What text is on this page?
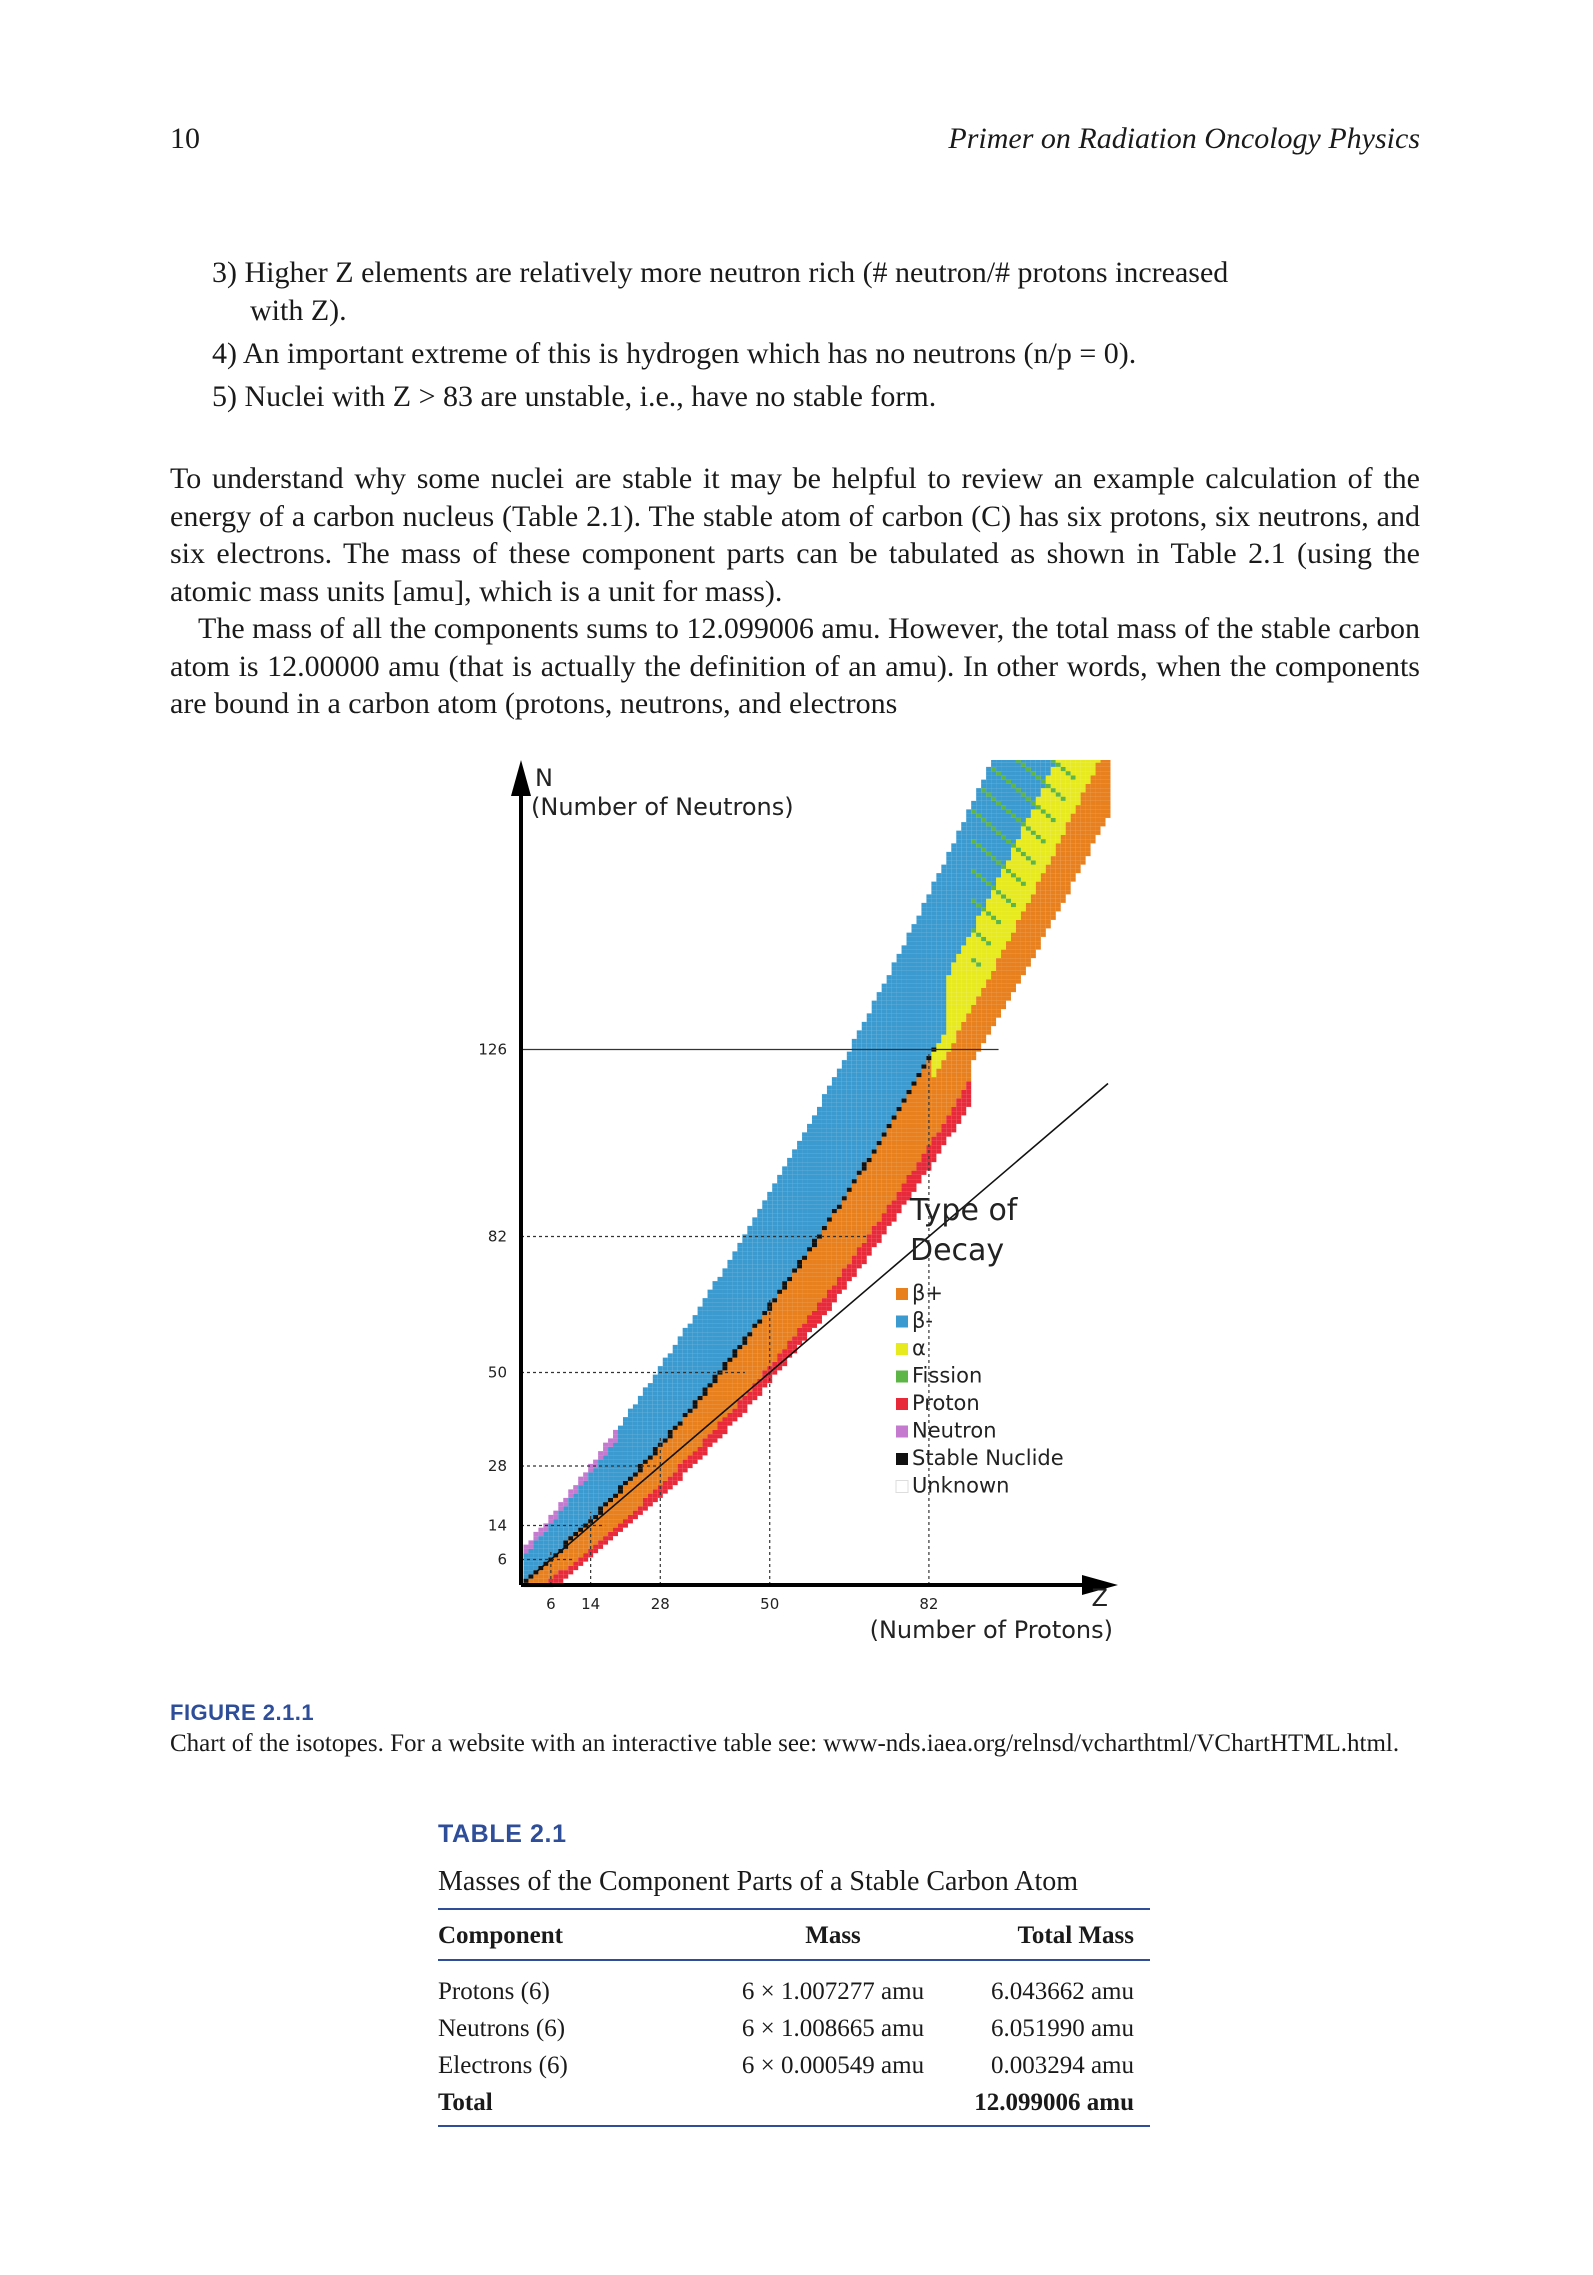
10	Primer on Radiation Oncology Physics
3) Higher Z elements are relatively more neutron rich (# neutron/# protons increased
with Z).
4) An important extreme of this is hydrogen which has no neutrons (n/p = 0).
5) Nuclei with Z > 83 are unstable, i.e., have no stable form.
To understand why some nuclei are stable it may be helpful to review an example calculation of the energy of a carbon nucleus (Table 2.1). The stable atom of carbon (C) has six protons, six neutrons, and six electrons. The mass of these component parts can be tabulated as shown in Table 2.1 (using the atomic mass units [amu], which is a unit for mass).
The mass of all the components sums to 12.099006 amu. However, the total mass of the stable carbon atom is 12.00000 amu (that is actually the definition of an amu). In other words, when the components are bound in a carbon atom (protons, neutrons, and electrons
6 14	28	50	82
6
14
28
50
82
126
N
(Number of Neutrons)
Z
(Number of Protons)
Type of
Decay
β+
β-
α
Fission
Proton
Neutron
Stable Nuclide
Unknown
FIGURE 2.1.1
Chart of the isotopes. For a website with an interactive table see: www-nds.iaea.org/relnsd/vcharthtml/VChartHTML.html.
TABLE 2.1
Masses of the Component Parts of a Stable Carbon Atom
Component	Mass	Total Mass
Protons (6)	6 × 1.007277 amu	6.043662 amu
Neutrons (6)	6 × 1.008665 amu	6.051990 amu
Electrons (6)	6 × 0.000549 amu	0.003294 amu
Total		12.099006 amu
